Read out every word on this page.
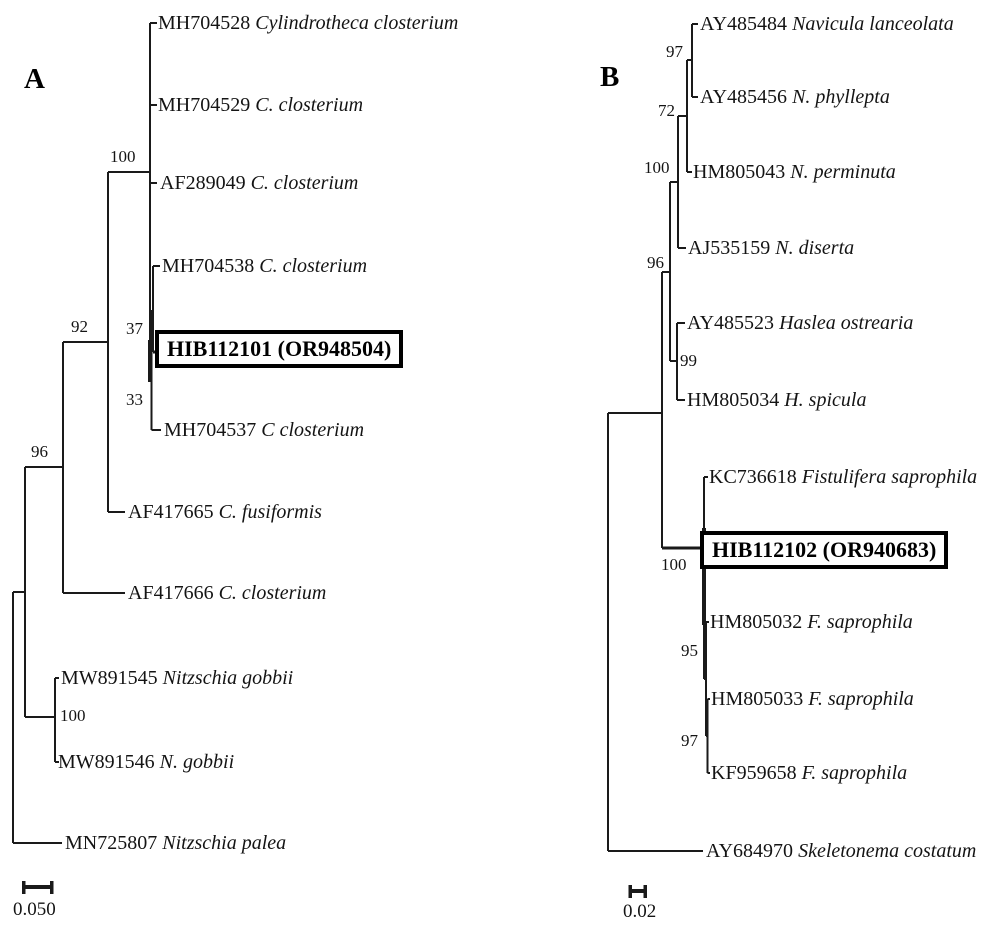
A	B
MH704528 Cylindrotheca closterium
MH704529 C. closterium
AF289049 C. closterium
MH704538 C. closterium
HIB112101 (OR948504)
MH704537 C closterium
AF417665 C. fusiformis
AF417666 C. closterium
MW891545 Nitzschia gobbii
MW891546 N. gobbii
MN725807 Nitzschia palea
100
92 37
33
96
100
0.050
AY485484 Navicula lanceolata
AY485456 N. phyllepta
HM805043 N. perminuta
AJ535159 N. diserta
AY485523 Haslea ostrearia
HM805034 H. spicula
KC736618 Fistulifera saprophila
HIB112102 (OR940683)
HM805032 F. saprophila
HM805033 F. saprophila
KF959658 F. saprophila
AY684970 Skeletonema costatum
97
72
100
96
99
100
95
97
0.02
